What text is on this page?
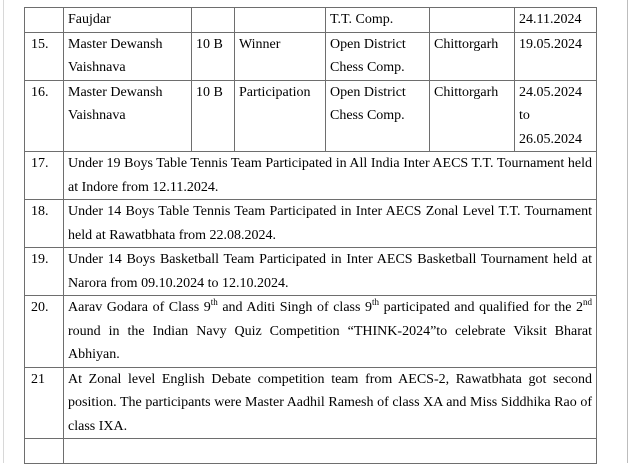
	Faujdar			T.T. Comp.		24.11.2024
15.	Master Dewansh Vaishnava	10 B	Winner	Open District Chess Comp.	Chittorgarh	19.05.2024
16.	Master Dewansh Vaishnava	10 B	Participation	Open District Chess Comp.	Chittorgarh	24.05.2024 to 26.05.2024
17.	Under 19 Boys Table Tennis Team Participated in All India Inter AECS T.T. Tournament held at Indore from 12.11.2024.					
18.	Under 14 Boys Table Tennis Team Participated in Inter AECS Zonal Level T.T. Tournament held at Rawatbhata from 22.08.2024.					
19.	Under 14 Boys Basketball Team Participated in Inter AECS Basketball Tournament held at Narora from 09.10.2024 to 12.10.2024.					
20.	Aarav Godara of Class 9th and Aditi Singh of class 9th participated and qualified for the 2nd round in the Indian Navy Quiz Competition “THINK-2024”to celebrate Viksit Bharat Abhiyan.					
21	At Zonal level English Debate competition team from AECS-2, Rawatbhata got second position. The participants were Master Aadhil Ramesh of class XA and Miss Siddhika Rao of class IXA.					
